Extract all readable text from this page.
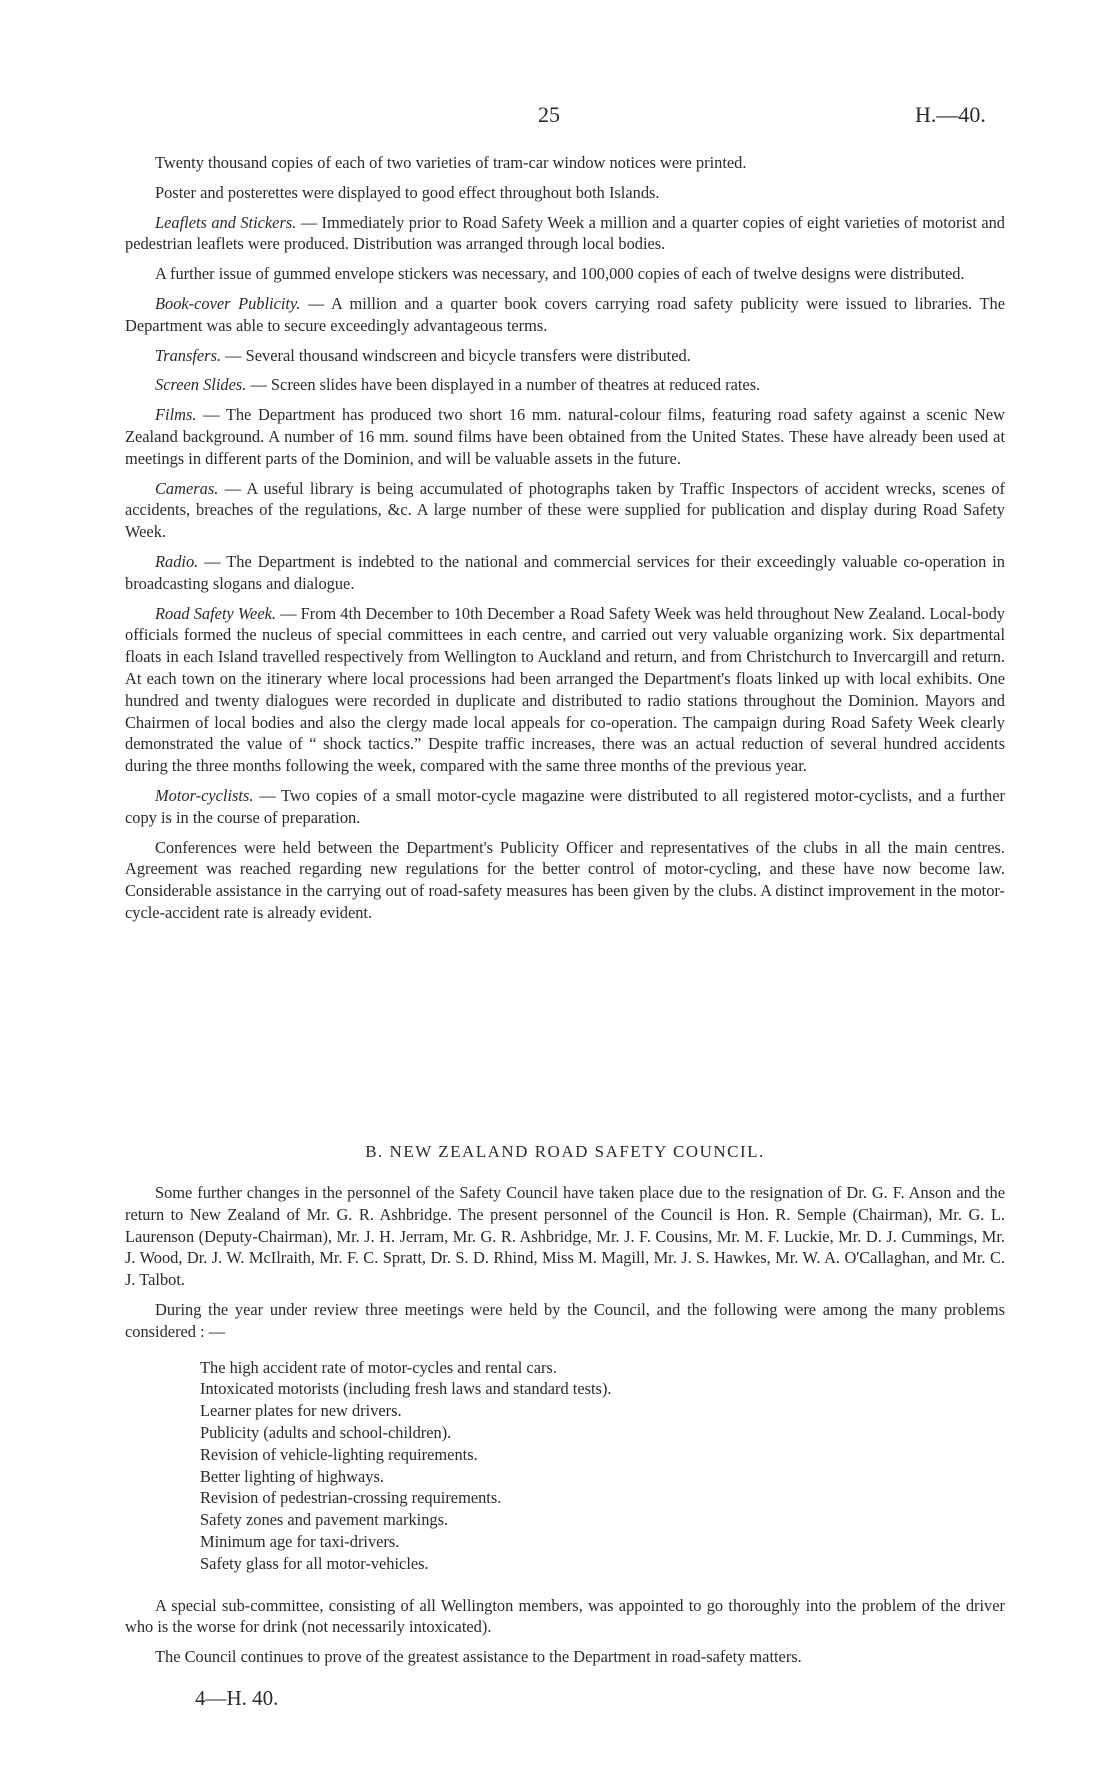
25	H.—40.

Twenty thousand copies of each of two varieties of tram-car window notices were printed.

Poster and posterettes were displayed to good effect throughout both Islands.

Leaflets and Stickers. — Immediately prior to Road Safety Week a million and a quarter copies of eight varieties of motorist and pedestrian leaflets were produced. Distribution was arranged through local bodies.

A further issue of gummed envelope stickers was necessary, and 100,000 copies of each of twelve designs were distributed.

Book-cover Publicity. — A million and a quarter book covers carrying road safety publicity were issued to libraries. The Department was able to secure exceedingly advantageous terms.

Transfers. — Several thousand windscreen and bicycle transfers were distributed.

Screen Slides. — Screen slides have been displayed in a number of theatres at reduced rates.

Films. — The Department has produced two short 16 mm. natural-colour films, featuring road safety against a scenic New Zealand background. A number of 16 mm. sound films have been obtained from the United States. These have already been used at meetings in different parts of the Dominion, and will be valuable assets in the future.

Cameras. — A useful library is being accumulated of photographs taken by Traffic Inspectors of accident wrecks, scenes of accidents, breaches of the regulations, &c. A large number of these were supplied for publication and display during Road Safety Week.

Radio. — The Department is indebted to the national and commercial services for their exceedingly valuable co-operation in broadcasting slogans and dialogue.

Road Safety Week. — From 4th December to 10th December a Road Safety Week was held throughout New Zealand. Local-body officials formed the nucleus of special committees in each centre, and carried out very valuable organizing work. Six departmental floats in each Island travelled respectively from Wellington to Auckland and return, and from Christchurch to Invercargill and return. At each town on the itinerary where local processions had been arranged the Department's floats linked up with local exhibits. One hundred and twenty dialogues were recorded in duplicate and distributed to radio stations throughout the Dominion. Mayors and Chairmen of local bodies and also the clergy made local appeals for co-operation. The campaign during Road Safety Week clearly demonstrated the value of “ shock tactics.” Despite traffic increases, there was an actual reduction of several hundred accidents during the three months following the week, compared with the same three months of the previous year.

Motor-cyclists. — Two copies of a small motor-cycle magazine were distributed to all registered motor-cyclists, and a further copy is in the course of preparation.

Conferences were held between the Department's Publicity Officer and representatives of the clubs in all the main centres. Agreement was reached regarding new regulations for the better control of motor-cycling, and these have now become law. Considerable assistance in the carrying out of road-safety measures has been given by the clubs. A distinct improvement in the motor-cycle-accident rate is already evident.

B. NEW ZEALAND ROAD SAFETY COUNCIL.

Some further changes in the personnel of the Safety Council have taken place due to the resignation of Dr. G. F. Anson and the return to New Zealand of Mr. G. R. Ashbridge. The present personnel of the Council is Hon. R. Semple (Chairman), Mr. G. L. Laurenson (Deputy-Chairman), Mr. J. H. Jerram, Mr. G. R. Ashbridge, Mr. J. F. Cousins, Mr. M. F. Luckie, Mr. D. J. Cummings, Mr. J. Wood, Dr. J. W. McIlraith, Mr. F. C. Spratt, Dr. S. D. Rhind, Miss M. Magill, Mr. J. S. Hawkes, Mr. W. A. O'Callaghan, and Mr. C. J. Talbot.

During the year under review three meetings were held by the Council, and the following were among the many problems considered : —

The high accident rate of motor-cycles and rental cars.
Intoxicated motorists (including fresh laws and standard tests).
Learner plates for new drivers.
Publicity (adults and school-children).
Revision of vehicle-lighting requirements.
Better lighting of highways.
Revision of pedestrian-crossing requirements.
Safety zones and pavement markings.
Minimum age for taxi-drivers.
Safety glass for all motor-vehicles.

A special sub-committee, consisting of all Wellington members, was appointed to go thoroughly into the problem of the driver who is the worse for drink (not necessarily intoxicated).

The Council continues to prove of the greatest assistance to the Department in road-safety matters.

4—H. 40.
